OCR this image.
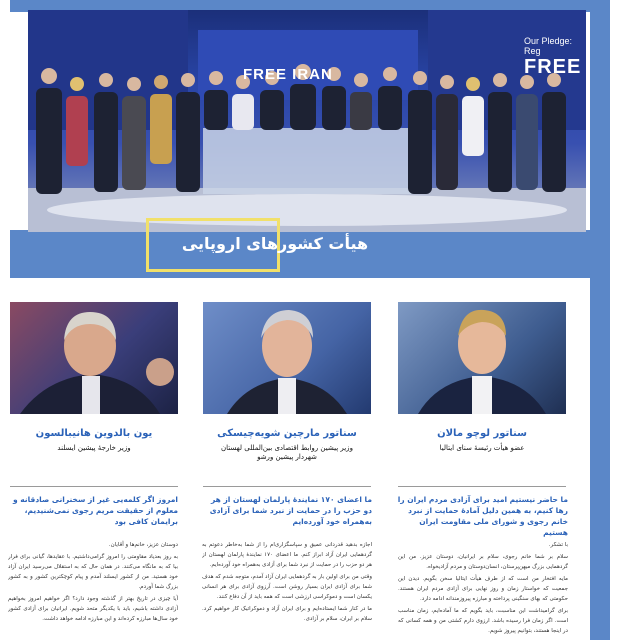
Our Pledge: Reg
FREE IRAN	FREE
هیأت کشورهای اروپایی
سناتور لوچو مالان
عضو هیأت رئیسهٔ سنای ایتالیا
سناتور مارچین شویه‌چیسکی
وزیر پیشین روابط اقتصادی بین‌المللی لهستان
شهردار پیشین ورشو
یون بالدوین هانیبالسون
وزیر خارجهٔ پیشین ایسلند
ما حاضر نیستیم امید برای آزادی مردم ایران را رها کنیم، به همین دلیل آمادهٔ حمایت از نبرد خانم رجوی و شورای ملی مقاومت ایران هستیم
ما اعضای ۱۷۰ نمایندهٔ پارلمان لهستان از هر دو حزب را در حمایت از نبرد شما برای آزادی به‌همراه خود آورده‌ایم
امروز اگر کلمه‌یی غیر از سخنرانی صادقانه و معلوم از حقیقت مریم رجوی نمی‌شنیدیم، برایمان کافی بود

با تشکر.

سلام بر شما خانم رجوی، سلام بر ایرانیان، دوستان عزیز. من این گردهمایی بزرگ میهن‌پرستان، انسان‌دوستان و مردم آزادیخواه.

مایه افتخار من است که از طرف هیأت ایتالیا سخن بگویم. دیدن این جمعیت که خواستار زمان و روز نهایی برای آزادی مردم ایران هستند. حکومتی که بهای سنگینی پرداخته و مبارزه پیروزمندانه ادامه دارد.

برای گرامیداشت این مناسبت، باید بگویم که ما آماده‌ایم، زمان مناسب است. اگر زمان فرا رسیده باشد. ارزوی دارم کشتی من و همه کسانی که در اینجا هستند، بتوانیم پیروز شویم.

اجازه بدهید قدردانی عمیق و سپاسگزاری‌ام را از شما به‌خاطر دعوتم به گردهمایی ایران آزاد ابراز کنم. ما اعضای ۱۷۰ نمایندهٔ پارلمان لهستان از هر دو حزب را در حمایت از نبرد شما برای آزادی به‌همراه خود آورده‌ایم.

وقتی من برای اولین بار به گردهمایی ایران آزاد آمدم، متوجه شدم که هدف شما برای آزادی ایران بسیار روشن است. آرزوی آزادی برای هر انسانی یکسان است و دموکراسی ارزشی است که همه باید از آن دفاع کنند.

ما در کنار شما ایستاده‌ایم و برای ایران آزاد و دموکراتیک کار خواهیم کرد. سلام بر ایران، سلام بر آزادی.

دوستان عزیز، خانم‌ها و آقایان.

به روز بعدیاد مقاومتی را امروز گرامی‌داشتیم. با عقایدها، گیانی برای فرار بیا که به مانگاه می‌کنند. در همان حال که به استقلال می‌رسید ایران آزاد خود هستید. من از کشور ایسلند آمدم و پیام کوچکترین کشور و به کشور بزرگ شما آوردم.

آیا چیزی در تاریخ بهتر از گذشته وجود دارد؟ اگر خواهیم امروز بخواهیم آزادی داشته باشیم، باید با یکدیگر متحد شویم. ایرانیان برای آزادی کشور خود سال‌ها مبارزه کرده‌اند و این مبارزه ادامه خواهد داشت.
